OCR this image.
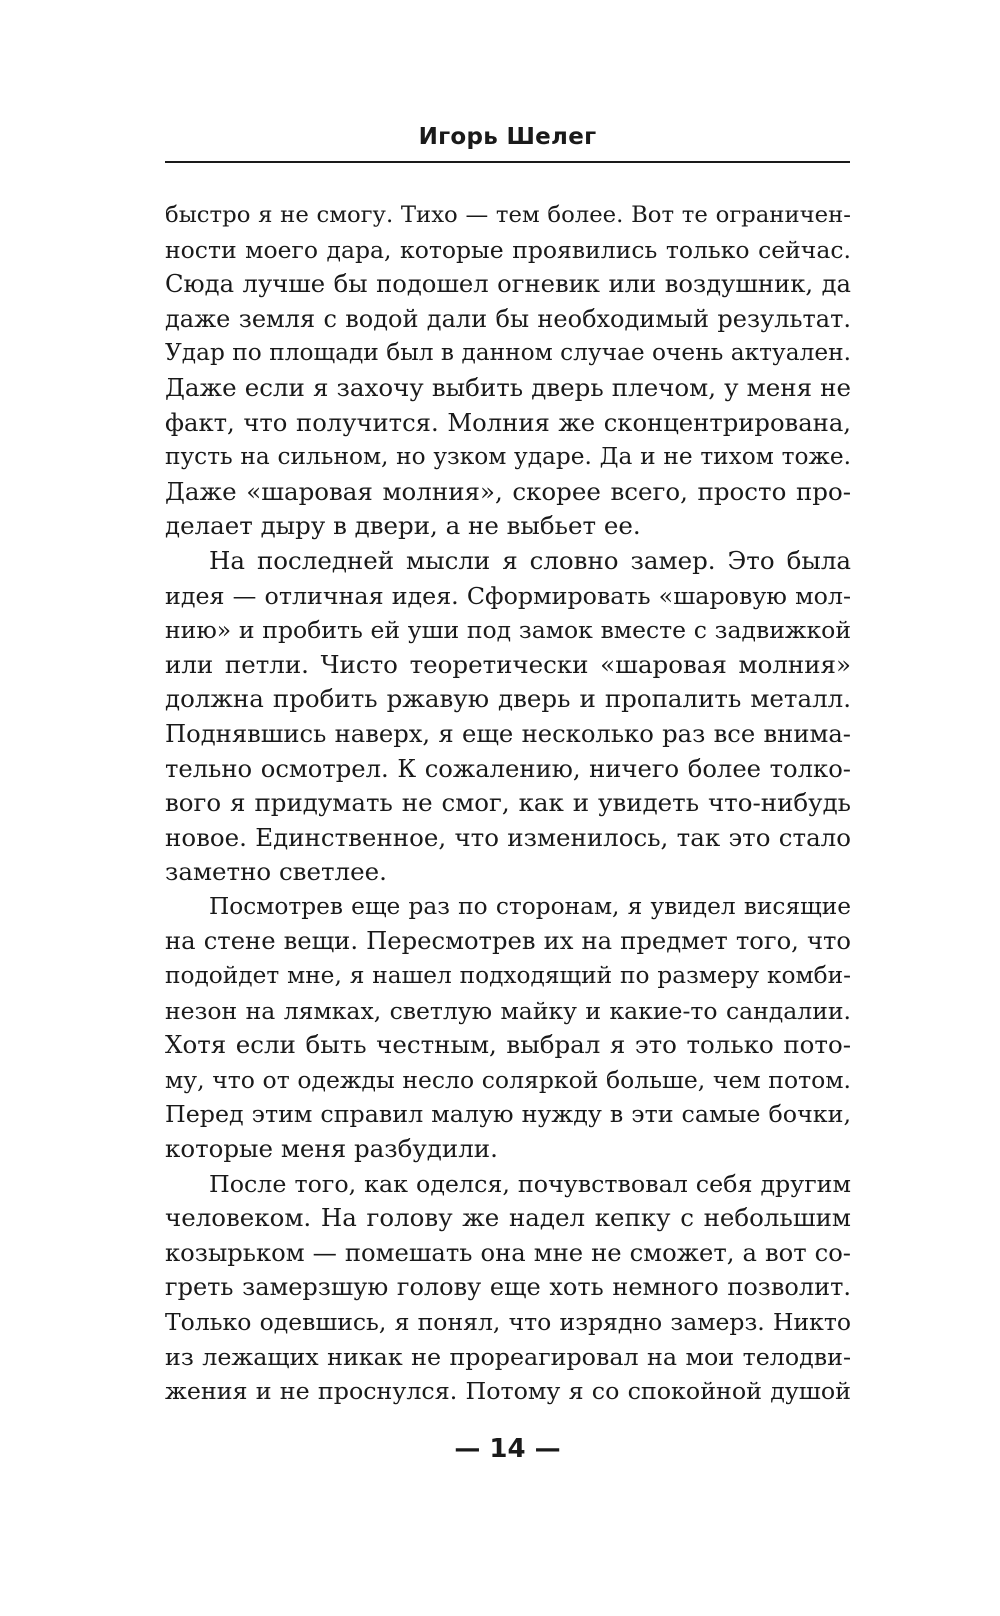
Игорь Шелег
быстро я не смогу. Тихо — тем более. Вот те ограничен-
ности моего дара, которые проявились только сейчас.
Сюда лучше бы подошел огневик или воздушник, да
даже земля с водой дали бы необходимый результат.
Удар по площади был в данном случае очень актуален.
Даже если я захочу выбить дверь плечом, у меня не
факт, что получится. Молния же сконцентрирована,
пусть на сильном, но узком ударе. Да и не тихом тоже.
Даже «шаровая молния», скорее всего, просто про-
делает дыру в двери, а не выбьет ее.
На последней мысли я словно замер. Это была
идея — отличная идея. Сформировать «шаровую мол-
нию» и пробить ей уши под замок вместе с задвижкой
или петли. Чисто теоретически «шаровая молния»
должна пробить ржавую дверь и пропалить металл.
Поднявшись наверх, я еще несколько раз все внима-
тельно осмотрел. К сожалению, ничего более толко-
вого я придумать не смог, как и увидеть что-нибудь
новое. Единственное, что изменилось, так это стало
заметно светлее.
Посмотрев еще раз по сторонам, я увидел висящие
на стене вещи. Пересмотрев их на предмет того, что
подойдет мне, я нашел подходящий по размеру комби-
незон на лямках, светлую майку и какие-то сандалии.
Хотя если быть честным, выбрал я это только пото-
му, что от одежды несло соляркой больше, чем потом.
Перед этим справил малую нужду в эти самые бочки,
которые меня разбудили.
После того, как оделся, почувствовал себя другим
человеком. На голову же надел кепку с небольшим
козырьком — помешать она мне не сможет, а вот со-
греть замерзшую голову еще хоть немного позволит.
Только одевшись, я понял, что изрядно замерз. Никто
из лежащих никак не прореагировал на мои телодви-
жения и не проснулся. Потому я со спокойной душой
— 14 —
